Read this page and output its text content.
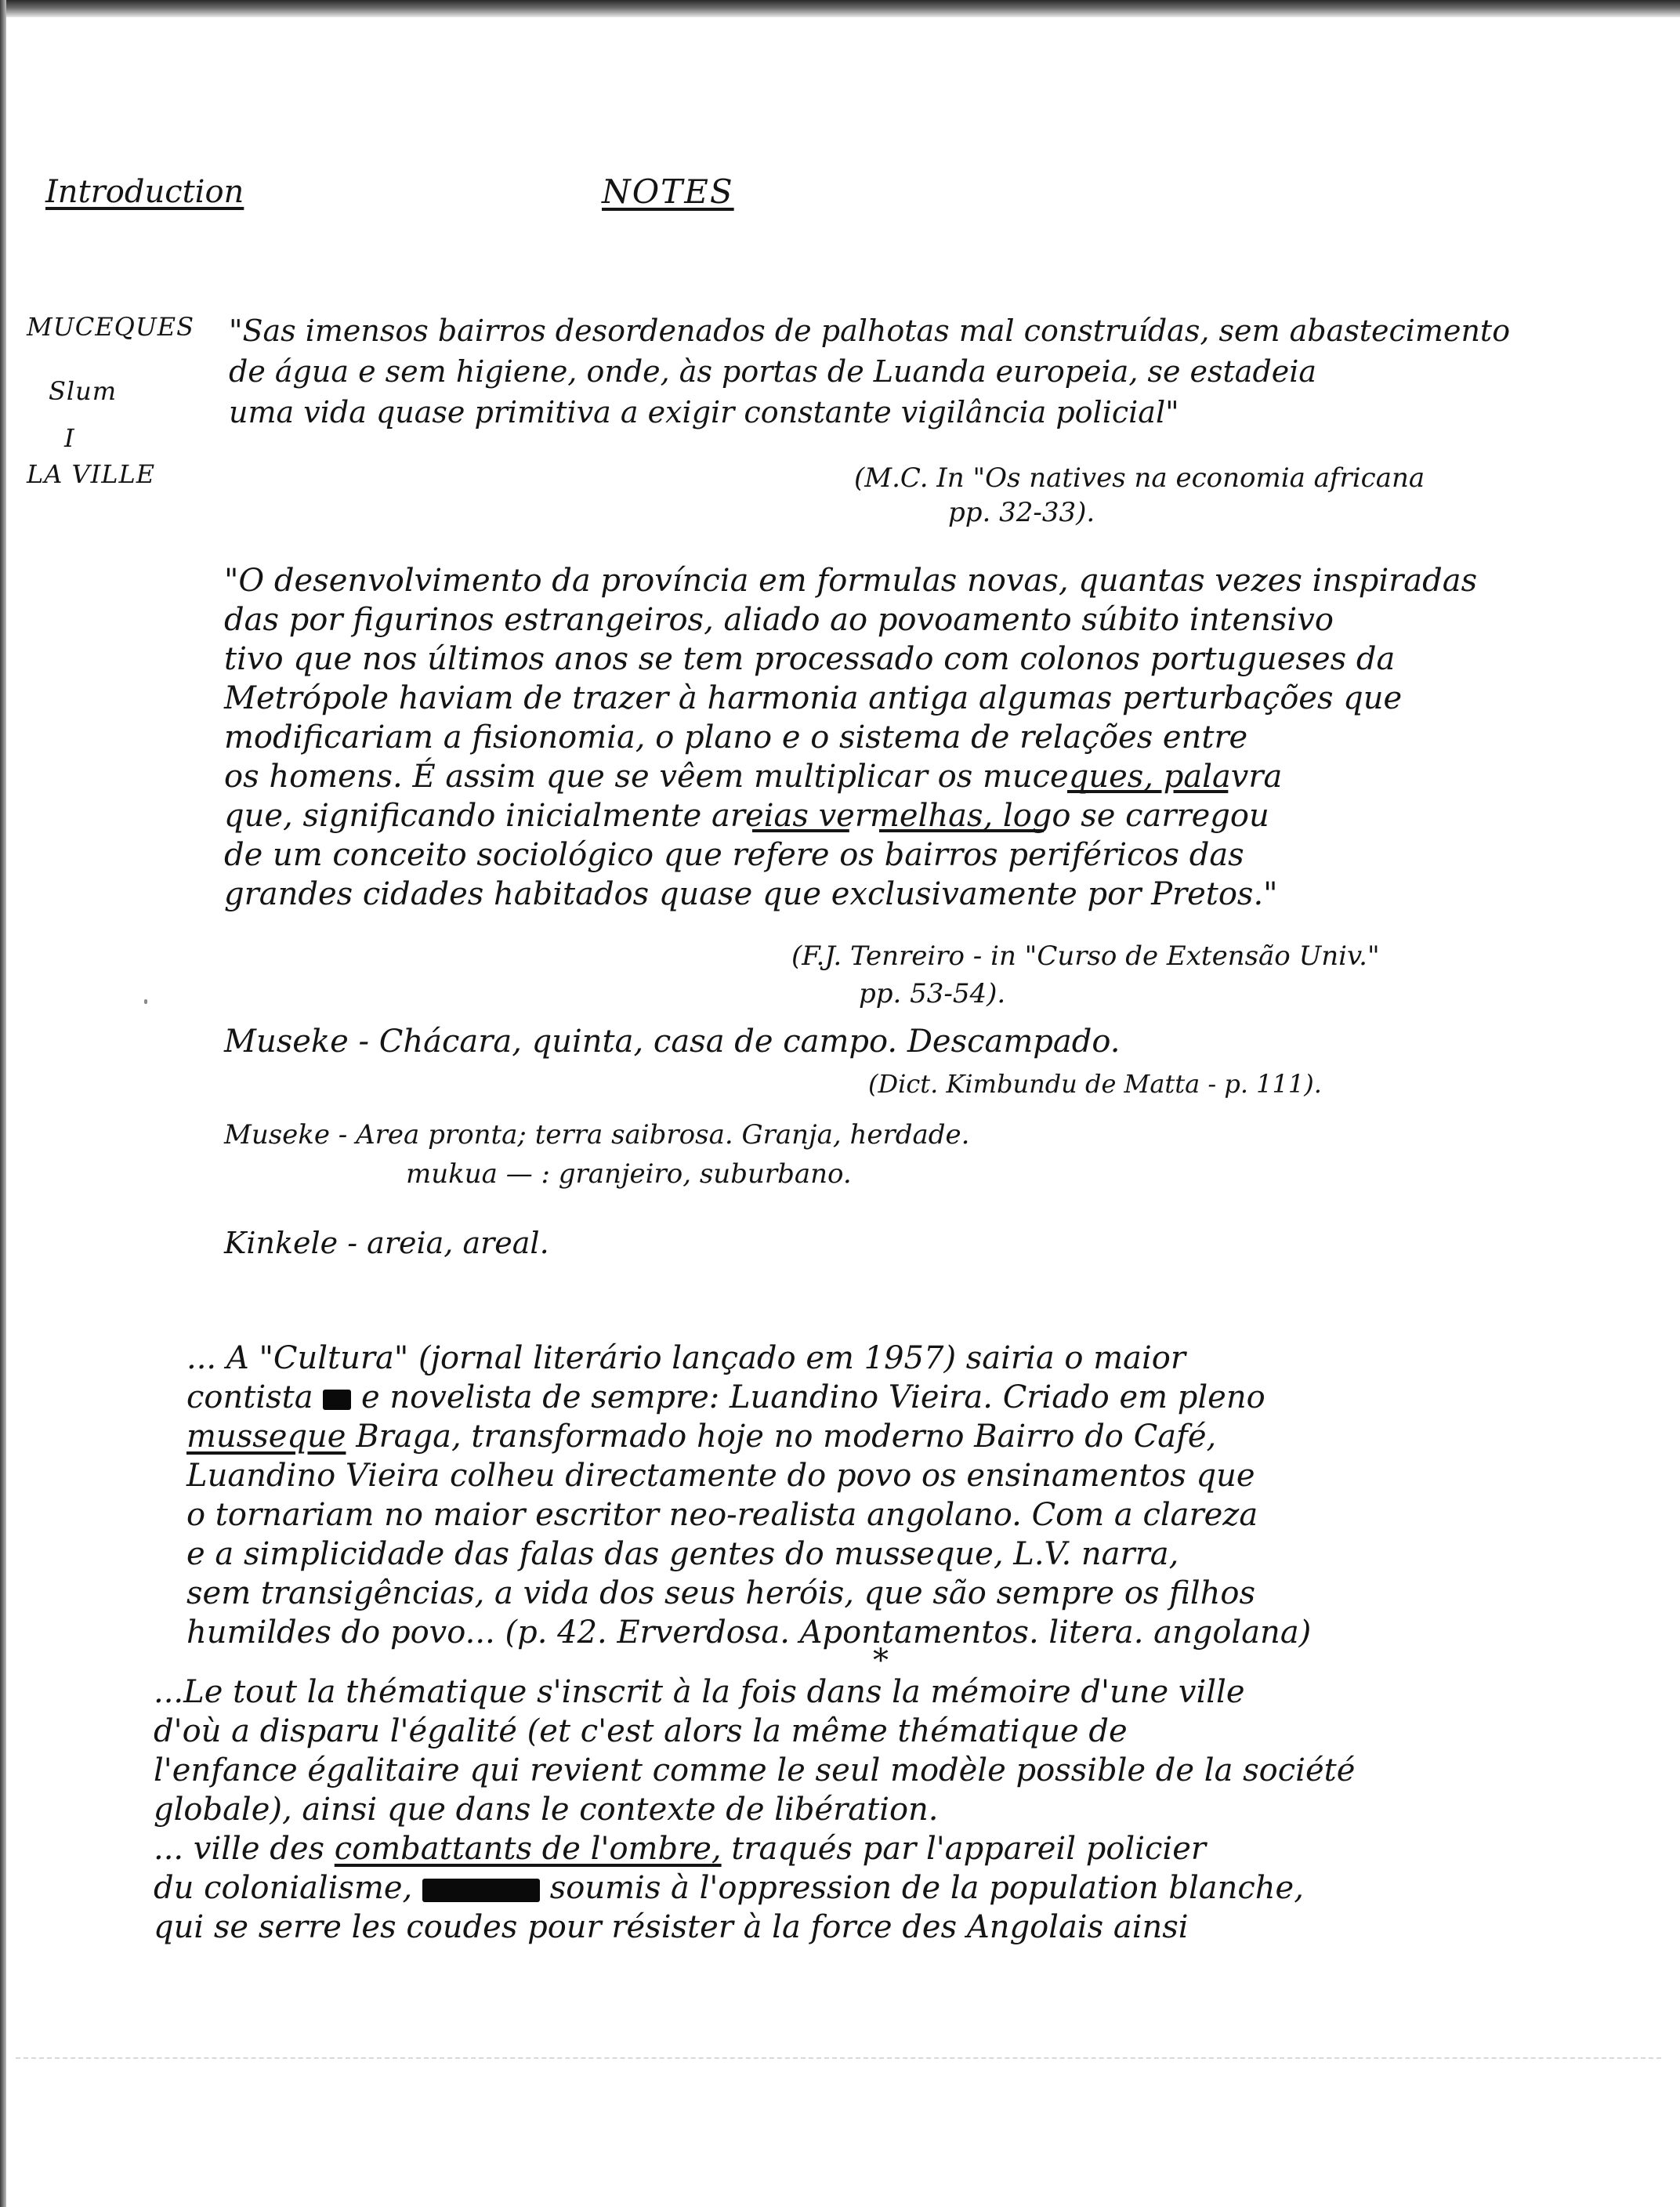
Introduction	NOTES
MUCEQUES
Slum
I
LA VILLE
"Sas imensos bairros desordenados de palhotas mal construídas, sem abastecimento
de água e sem higiene, onde, às portas de Luanda europeia, se estadeia
uma vida quase primitiva a exigir constante vigilância policial"
(M.C. In "Os natives na economia africana
pp. 32-33).
"O desenvolvimento da província em formulas novas, quantas vezes inspiradas
das por figurinos estrangeiros, aliado ao povoamento súbito intensivo
tivo que nos últimos anos se tem processado com colonos portugueses da
Metrópole haviam de trazer à harmonia antiga algumas perturbações que
modificariam a fisionomia, o plano e o sistema de relações entre
os homens. É assim que se vêem multiplicar os muceques, palavra
que, significando inicialmente areias vermelhas, logo se carregou
de um conceito sociológico que refere os bairros periféricos das
grandes cidades habitados quase que exclusivamente por Pretos."
(F.J. Tenreiro - in "Curso de Extensão Univ."
pp. 53-54).
Museke - Chácara, quinta, casa de campo. Descampado.
(Dict. Kimbundu de Matta - p. 111).
Museke - Area pronta; terra saibrosa. Granja, herdade.
mukua — : granjeiro, suburbano.
Kinkele - areia, areal.
... A "Cultura" (jornal literário lançado em 1957) sairia o maior
contista e novelista de sempre: Luandino Vieira. Criado em pleno
musseque Braga, transformado hoje no moderno Bairro do Café,
Luandino Vieira colheu directamente do povo os ensinamentos que
o tornariam no maior escritor neo-realista angolano. Com a clareza
e a simplicidade das falas das gentes do musseque, L.V. narra,
sem transigências, a vida dos seus heróis, que são sempre os filhos
humildes do povo... (p. 42. Erverdosa. Apontamentos. litera. angolana)
*
...Le tout la thématique s'inscrit à la fois dans la mémoire d'une ville
d'où a disparu l'égalité (et c'est alors la même thématique de
l'enfance égalitaire qui revient comme le seul modèle possible de la société
globale), ainsi que dans le contexte de libération.
... ville des combattants de l'ombre, traqués par l'appareil policier
du colonialisme,	soumis à l'oppression de la population blanche,
qui se serre les coudes pour résister à la force des Angolais ainsi
